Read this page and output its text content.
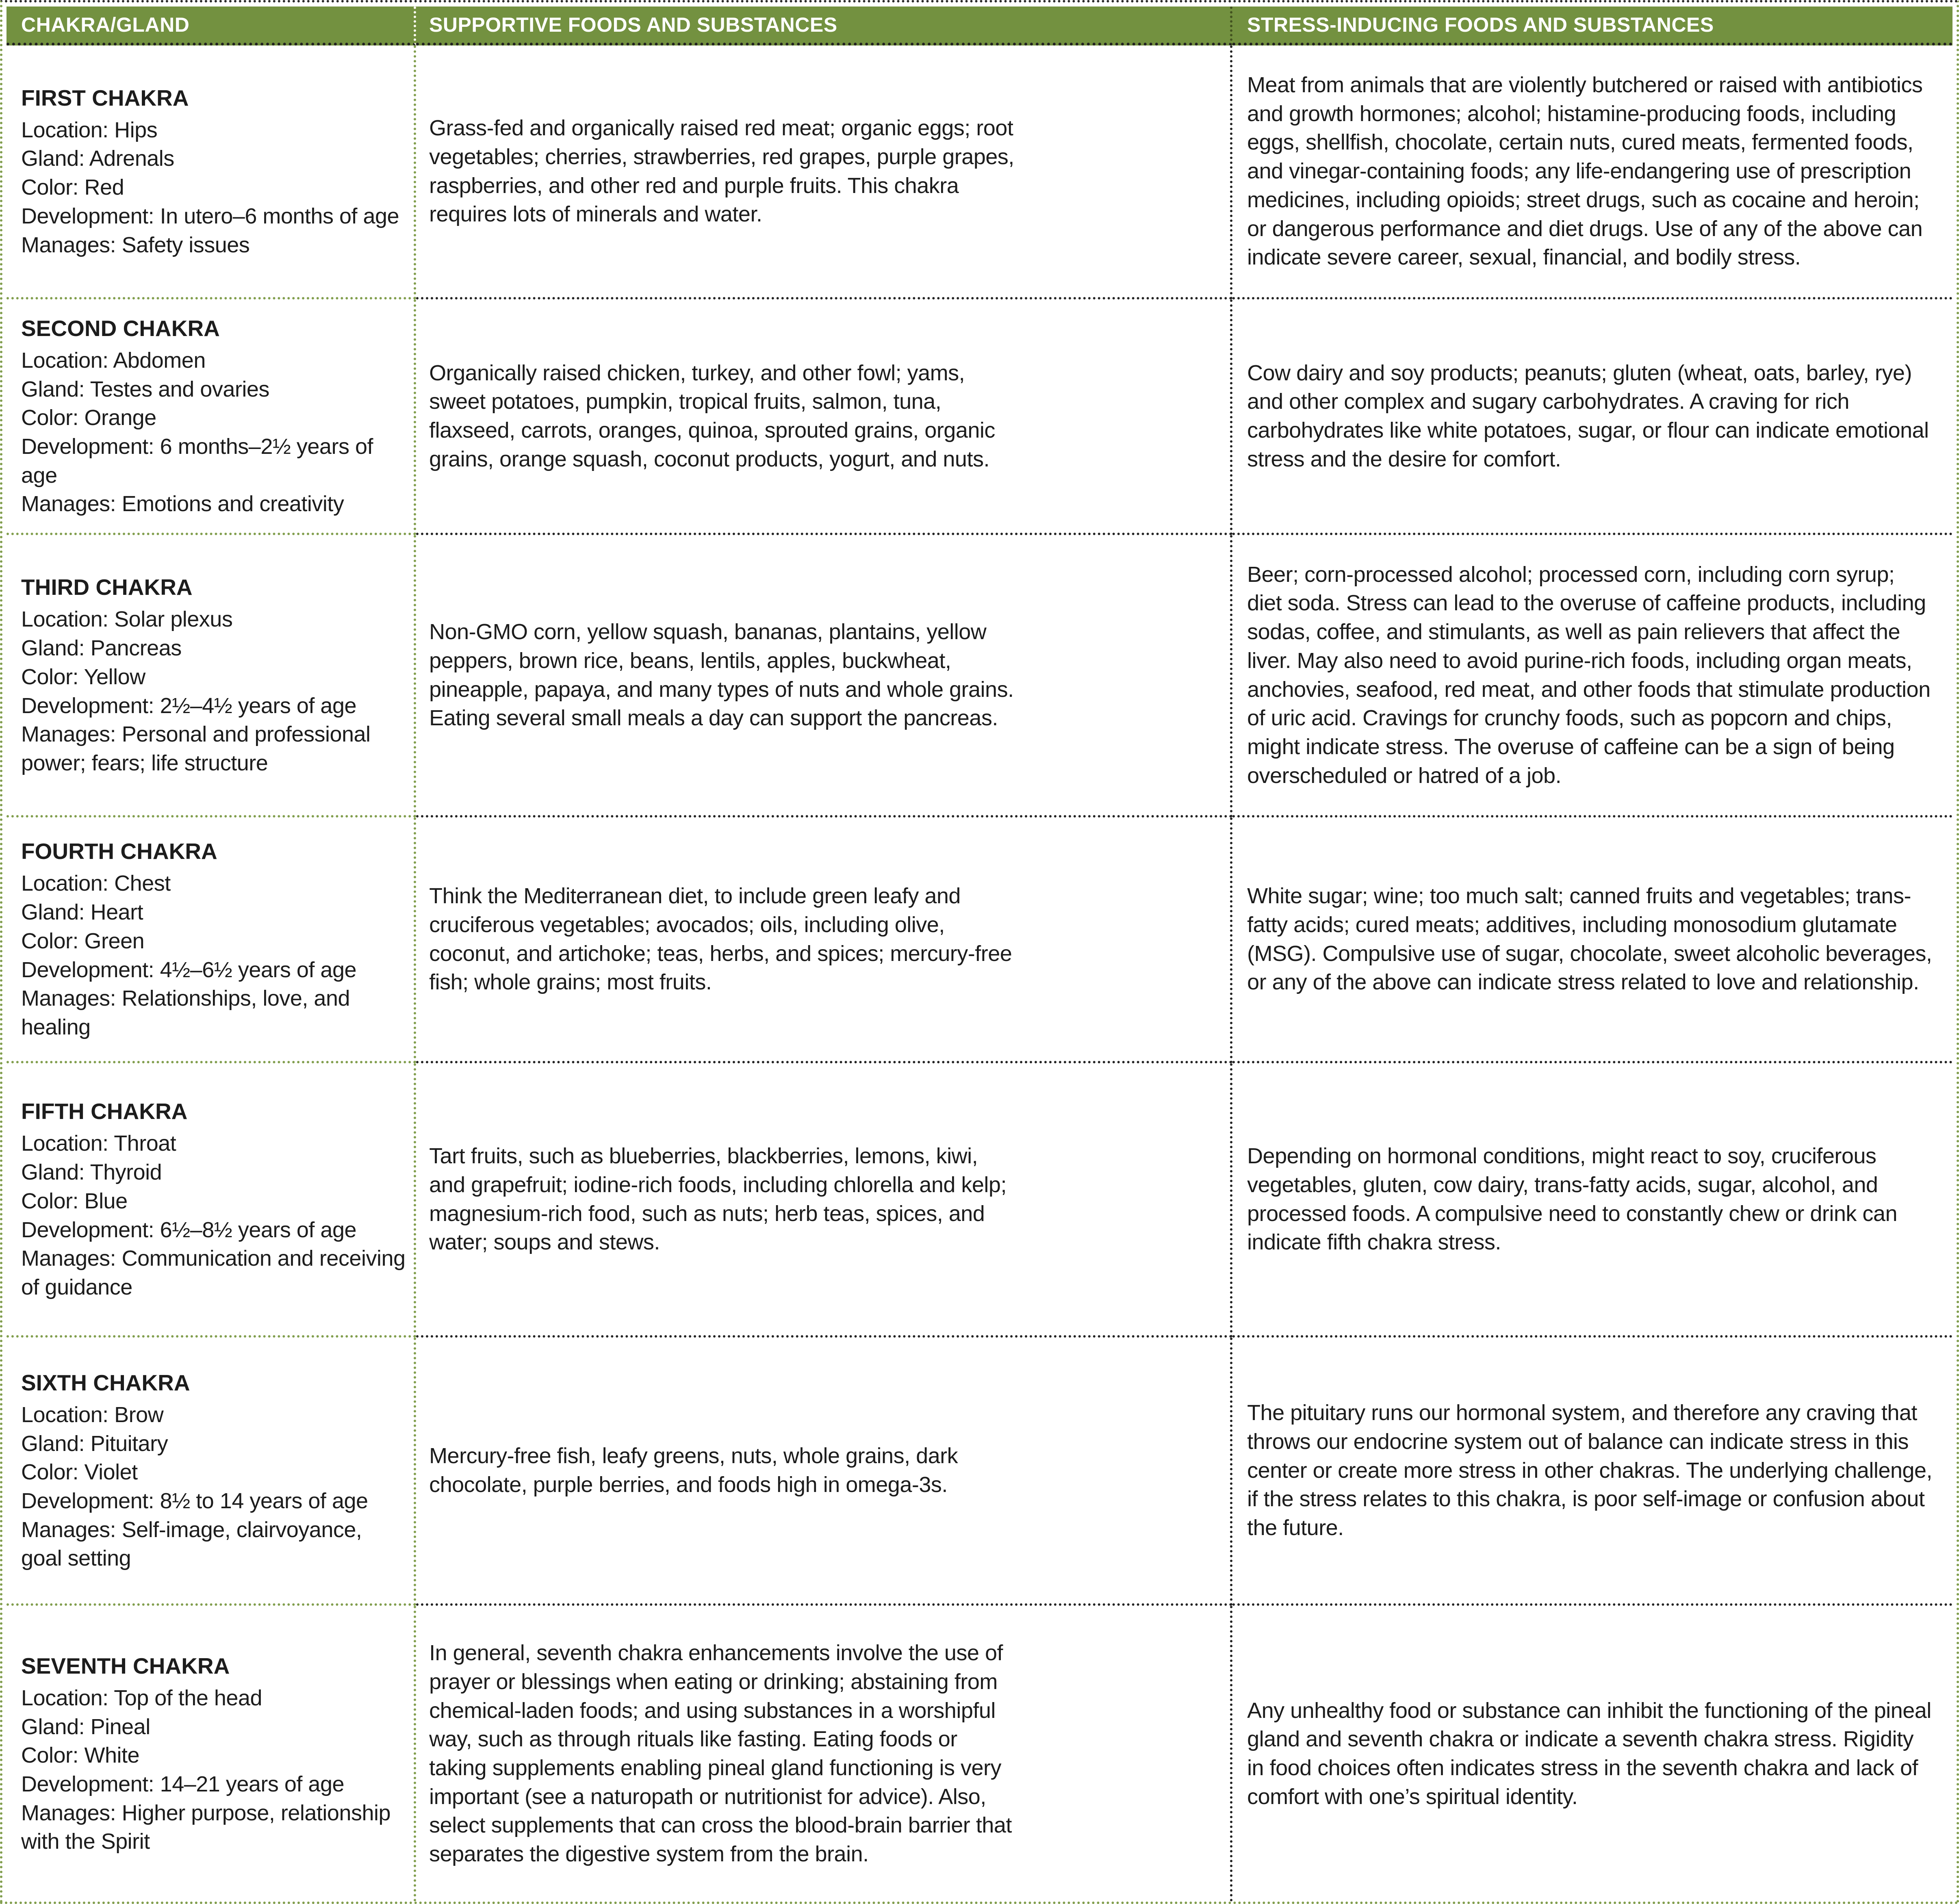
CHAKRA/GLAND	SUPPORTIVE FOODS AND SUBSTANCES	STRESS-INDUCING FOODS AND SUBSTANCES
FIRST CHAKRA
Location: Hips
Gland: Adrenals
Color: Red
Development: In utero–6 months of age
Manages: Safety issues
Grass-fed and organically raised red meat; organic eggs; root vegetables; cherries, strawberries, red grapes, purple grapes, raspberries, and other red and purple fruits. This chakra requires lots of minerals and water.
Meat from animals that are violently butchered or raised with antibiotics and growth hormones; alcohol; histamine-producing foods, including eggs, shellfish, chocolate, certain nuts, cured meats, fermented foods, and vinegar-containing foods; any life-endangering use of prescription medicines, including opioids; street drugs, such as cocaine and heroin; or dangerous performance and diet drugs. Use of any of the above can indicate severe career, sexual, financial, and bodily stress.
SECOND CHAKRA
Location: Abdomen
Gland: Testes and ovaries
Color: Orange
Development: 6 months–2½ years of age
Manages: Emotions and creativity
Organically raised chicken, turkey, and other fowl; yams, sweet potatoes, pumpkin, tropical fruits, salmon, tuna, flaxseed, carrots, oranges, quinoa, sprouted grains, organic grains, orange squash, coconut products, yogurt, and nuts.
Cow dairy and soy products; peanuts; gluten (wheat, oats, barley, rye) and other complex and sugary carbohydrates. A craving for rich carbohydrates like white potatoes, sugar, or flour can indicate emotional stress and the desire for comfort.
THIRD CHAKRA
Location: Solar plexus
Gland: Pancreas
Color: Yellow
Development: 2½–4½ years of age
Manages: Personal and professional power; fears; life structure
Non-GMO corn, yellow squash, bananas, plantains, yellow peppers, brown rice, beans, lentils, apples, buckwheat, pineapple, papaya, and many types of nuts and whole grains. Eating several small meals a day can support the pancreas.
Beer; corn-processed alcohol; processed corn, including corn syrup; diet soda. Stress can lead to the overuse of caffeine products, including sodas, coffee, and stimulants, as well as pain relievers that affect the liver. May also need to avoid purine-rich foods, including organ meats, anchovies, seafood, red meat, and other foods that stimulate production of uric acid. Cravings for crunchy foods, such as popcorn and chips, might indicate stress. The overuse of caffeine can be a sign of being overscheduled or hatred of a job.
FOURTH CHAKRA
Location: Chest
Gland: Heart
Color: Green
Development: 4½–6½ years of age
Manages: Relationships, love, and healing
Think the Mediterranean diet, to include green leafy and cruciferous vegetables; avocados; oils, including olive, coconut, and artichoke; teas, herbs, and spices; mercury-free fish; whole grains; most fruits.
White sugar; wine; too much salt; canned fruits and vegetables; trans-fatty acids; cured meats; additives, including monosodium glutamate (MSG). Compulsive use of sugar, chocolate, sweet alcoholic beverages, or any of the above can indicate stress related to love and relationship.
FIFTH CHAKRA
Location: Throat
Gland: Thyroid
Color: Blue
Development: 6½–8½ years of age
Manages: Communication and receiving of guidance
Tart fruits, such as blueberries, blackberries, lemons, kiwi, and grapefruit; iodine-rich foods, including chlorella and kelp; magnesium-rich food, such as nuts; herb teas, spices, and water; soups and stews.
Depending on hormonal conditions, might react to soy, cruciferous vegetables, gluten, cow dairy, trans-fatty acids, sugar, alcohol, and processed foods. A compulsive need to constantly chew or drink can indicate fifth chakra stress.
SIXTH CHAKRA
Location: Brow
Gland: Pituitary
Color: Violet
Development: 8½ to 14 years of age
Manages: Self-image, clairvoyance, goal setting
Mercury-free fish, leafy greens, nuts, whole grains, dark chocolate, purple berries, and foods high in omega-3s.
The pituitary runs our hormonal system, and therefore any craving that throws our endocrine system out of balance can indicate stress in this center or create more stress in other chakras. The underlying challenge, if the stress relates to this chakra, is poor self-image or confusion about the future.
SEVENTH CHAKRA
Location: Top of the head
Gland: Pineal
Color: White
Development: 14–21 years of age
Manages: Higher purpose, relationship with the Spirit
In general, seventh chakra enhancements involve the use of prayer or blessings when eating or drinking; abstaining from chemical-laden foods; and using substances in a worshipful way, such as through rituals like fasting. Eating foods or taking supplements enabling pineal gland functioning is very important (see a naturopath or nutritionist for advice). Also, select supplements that can cross the blood-brain barrier that separates the digestive system from the brain.
Any unhealthy food or substance can inhibit the functioning of the pineal gland and seventh chakra or indicate a seventh chakra stress. Rigidity in food choices often indicates stress in the seventh chakra and lack of comfort with one’s spiritual identity.
